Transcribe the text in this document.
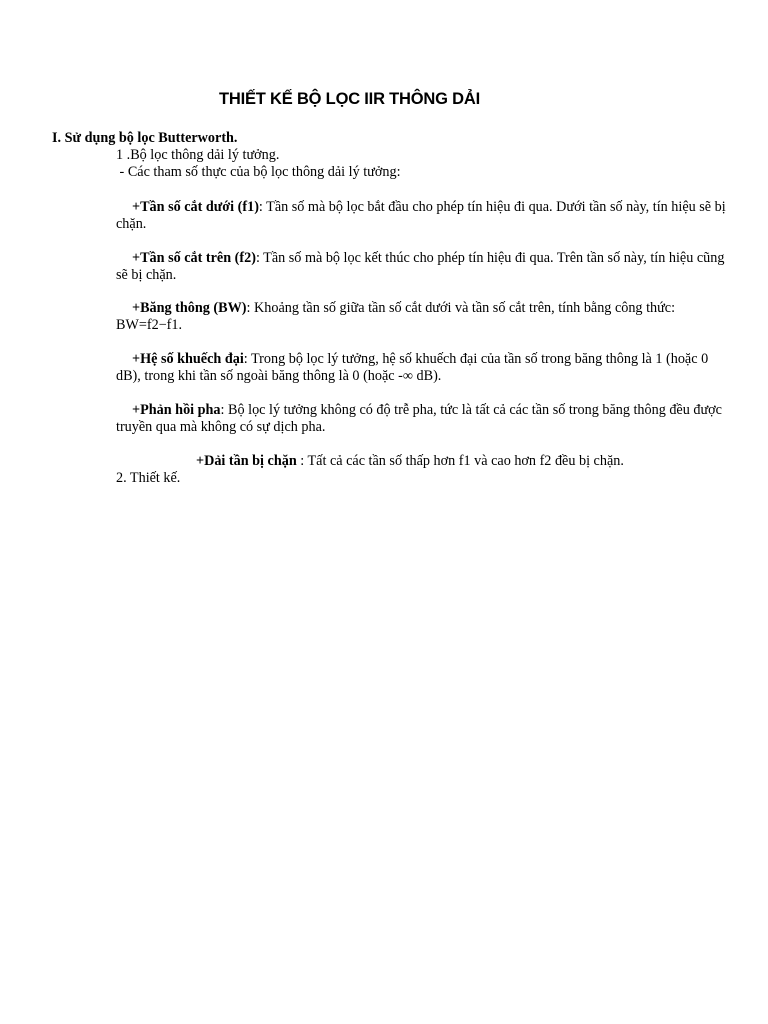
THIẾT KẾ BỘ LỌC IIR THÔNG DẢI
I. Sử dụng bộ lọc Butterworth.
1 .Bộ lọc thông dải lý tưởng.
- Các tham số thực của bộ lọc thông dải lý tưởng:
+Tần số cắt dưới (f1): Tần số mà bộ lọc bắt đầu cho phép tín hiệu đi qua. Dưới tần số này, tín hiệu sẽ bị chặn.
+Tần số cắt trên (f2): Tần số mà bộ lọc kết thúc cho phép tín hiệu đi qua. Trên tần số này, tín hiệu cũng sẽ bị chặn.
+Băng thông (BW): Khoảng tần số giữa tần số cắt dưới và tần số cắt trên, tính bằng công thức: BW=f2−f1.
+Hệ số khuếch đại: Trong bộ lọc lý tưởng, hệ số khuếch đại của tần số trong băng thông là 1 (hoặc 0 dB), trong khi tần số ngoài băng thông là 0 (hoặc -∞ dB).
+Phản hồi pha: Bộ lọc lý tưởng không có độ trễ pha, tức là tất cả các tần số trong băng thông đều được truyền qua mà không có sự dịch pha.
+Dải tần bị chặn : Tất cả các tần số thấp hơn f1 và cao hơn f2 đều bị chặn.
2. Thiết kế.
